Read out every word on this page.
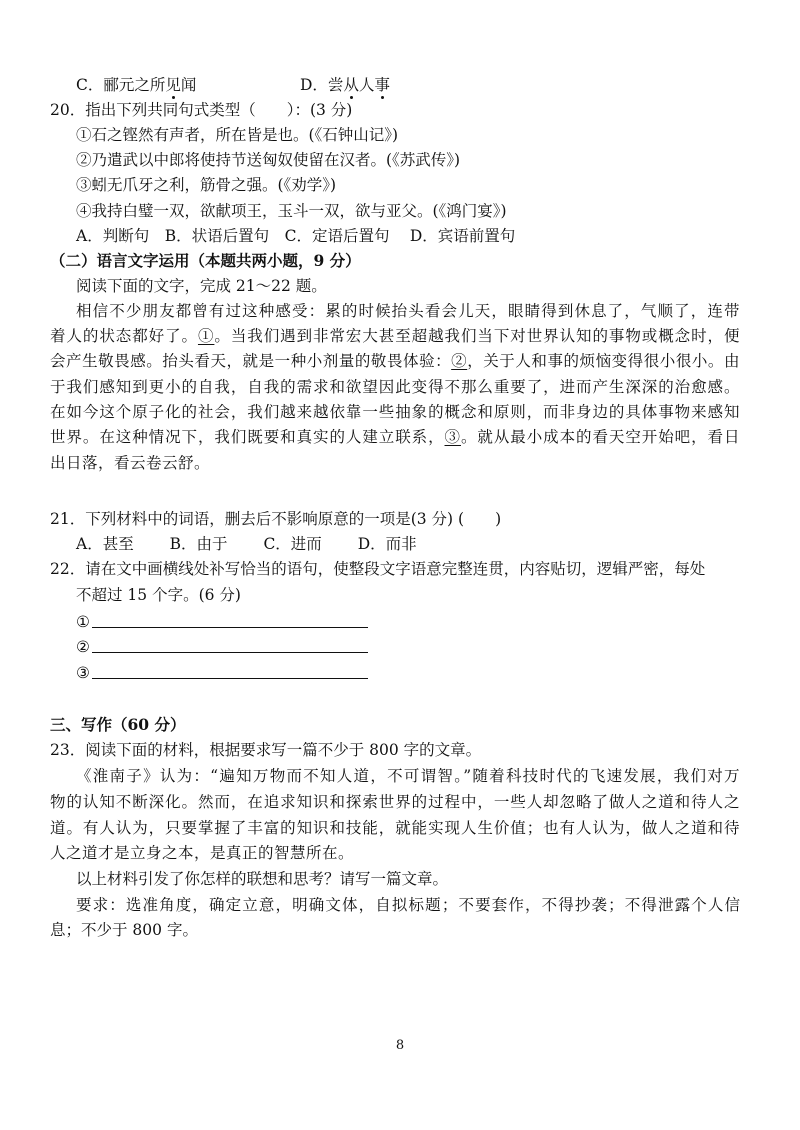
C．郦元之所见闻	D．尝从人事
20．指出下列共同句式类型（　　）：(3 分)
①石之铿然有声者，所在皆是也。(《石钟山记》)
②乃遣武以中郎将使持节送匈奴使留在汉者。(《苏武传》)
③蚓无爪牙之利，筋骨之强。(《劝学》)
④我持白璧一双，欲献项王，玉斗一双，欲与亚父。(《鸿门宴》)
A．判断句　B．状语后置句　C．定语后置句　 D．宾语前置句
（二）语言文字运用（本题共两小题，9 分）
阅读下面的文字，完成 21～22 题。
相信不少朋友都曾有过这种感受：累的时候抬头看会儿天，眼睛得到休息了，气顺了，连带
着人的状态都好了。①。当我们遇到非常宏大甚至超越我们当下对世界认知的事物或概念时，便
会产生敬畏感。抬头看天，就是一种小剂量的敬畏体验：②，关于人和事的烦恼变得很小很小。由
于我们感知到更小的自我，自我的需求和欲望因此变得不那么重要了，进而产生深深的治愈感。
在如今这个原子化的社会，我们越来越依靠一些抽象的概念和原则，而非身边的具体事物来感知
世界。在这种情况下，我们既要和真实的人建立联系，③。就从最小成本的看天空开始吧，看日
出日落，看云卷云舒。
21．下列材料中的词语，删去后不影响原意的一项是(3 分) (　　)
A．甚至　　 B．由于　　 C．进而　　 D．而非
22．请在文中画横线处补写恰当的语句，使整段文字语意完整连贯，内容贴切，逻辑严密，每处
不超过 15 个字。(6 分)
①
②
③
三、写作（60 分）
23．阅读下面的材料，根据要求写一篇不少于 800 字的文章。
《淮南子》认为：“遍知万物而不知人道，不可谓智。”随着科技时代的飞速发展，我们对万
物的认知不断深化。然而，在追求知识和探索世界的过程中，一些人却忽略了做人之道和待人之
道。有人认为，只要掌握了丰富的知识和技能，就能实现人生价值；也有人认为，做人之道和待
人之道才是立身之本，是真正的智慧所在。
以上材料引发了你怎样的联想和思考？请写一篇文章。
要求：选准角度，确定立意，明确文体，自拟标题；不要套作，不得抄袭；不得泄露个人信
息；不少于 800 字。
8
